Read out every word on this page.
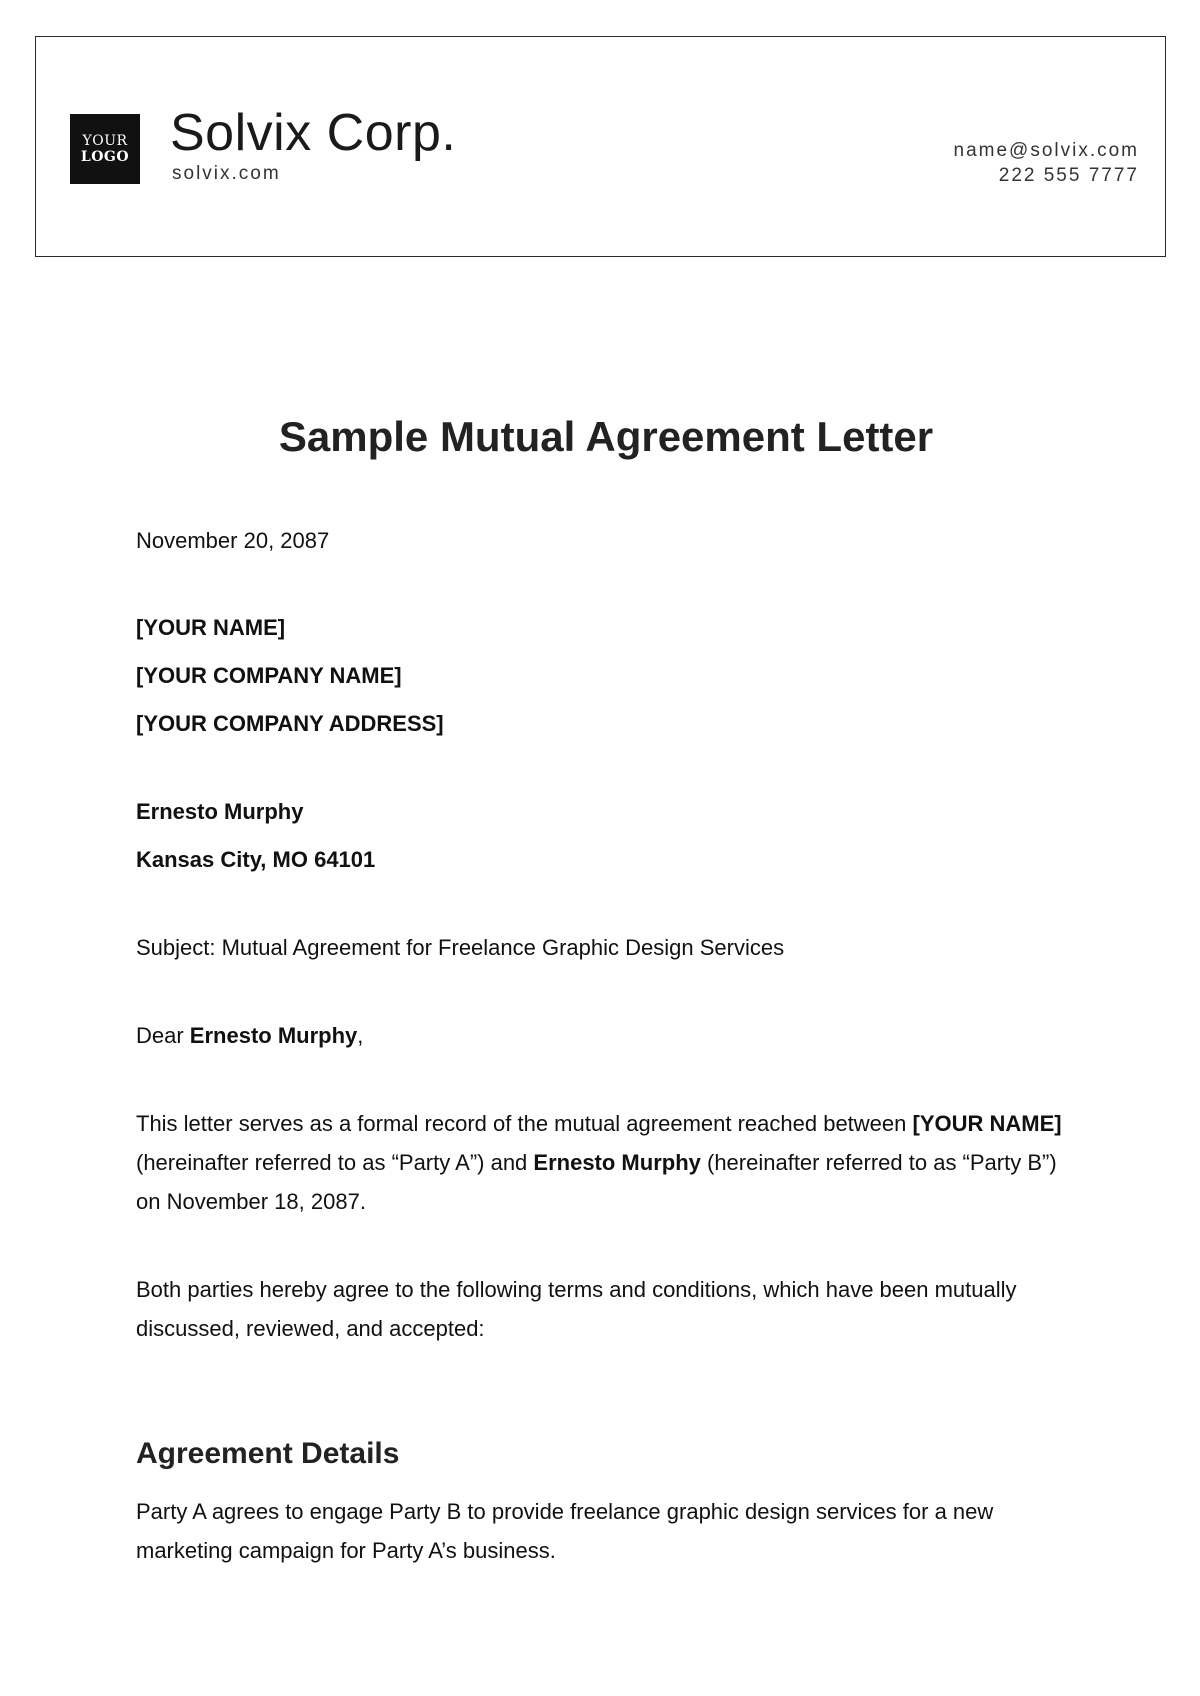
YOUR
LOGO Solvix Corp.
solvix.com
name@solvix.com
222 555 7777
Sample Mutual Agreement Letter

November 20, 2087

[YOUR NAME]

[YOUR COMPANY NAME]

[YOUR COMPANY ADDRESS]

Ernesto Murphy

Kansas City, MO 64101

Subject: Mutual Agreement for Freelance Graphic Design Services

Dear Ernesto Murphy,

This letter serves as a formal record of the mutual agreement reached between [YOUR NAME] (hereinafter referred to as “Party A”) and Ernesto Murphy (hereinafter referred to as “Party B”) on November 18, 2087.

Both parties hereby agree to the following terms and conditions, which have been mutually discussed, reviewed, and accepted:

Agreement Details

Party A agrees to engage Party B to provide freelance graphic design services for a new marketing campaign for Party A’s business.
